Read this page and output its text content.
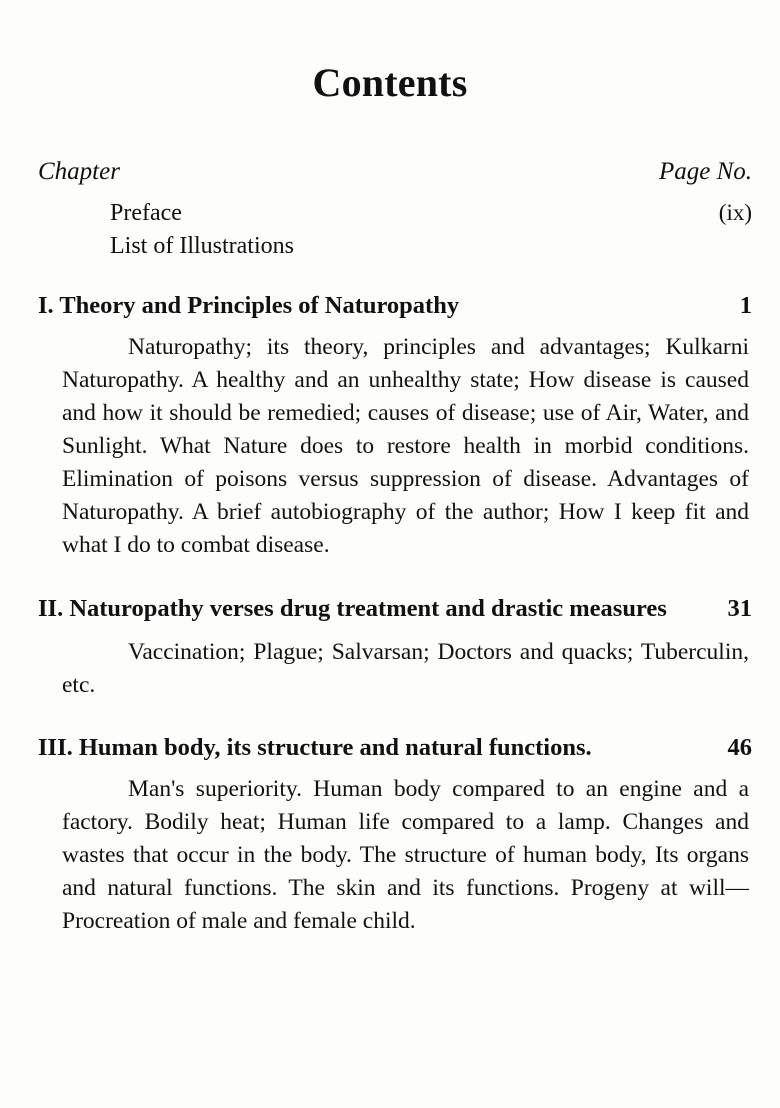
Contents
Chapter	Page No.
Preface	(ix)
List of Illustrations
I. Theory and Principles of Naturopathy	1

Naturopathy; its theory, principles and advantages; Kulkarni Naturopathy. A healthy and an unhealthy state; How disease is caused and how it should be remedied; causes of disease; use of Air, Water, and Sunlight. What Nature does to restore health in morbid conditions. Elimination of poisons versus suppression of disease. Advantages of Naturopathy. A brief autobiography of the author; How I keep fit and what I do to combat disease.

II. Naturopathy verses drug treatment and drastic measures	31

Vaccination; Plague; Salvarsan; Doctors and quacks; Tuberculin, etc.

III. Human body, its structure and natural functions.	46

Man's superiority. Human body compared to an engine and a factory. Bodily heat; Human life compared to a lamp. Changes and wastes that occur in the body. The structure of human body, Its organs and natural functions. The skin and its functions. Progeny at will—Procreation of male and female child.
